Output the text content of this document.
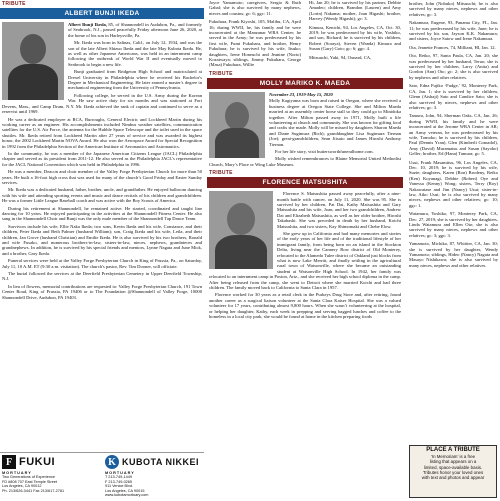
TRIBUTE
ALBERT BUNJI IKEDA

Albert Bunji Ikeda, 85, of Shannondell in Audubon, Pa., and formerly of Seabrook, N.J., passed peacefully Friday afternoon June 26, 2020, at the home of his son in Harleysville, Pa.

Mr. Ikeda was born in Salinas, Calif., on July 12, 1934, and was the son of the late Albert Shizuo Ikeda and the late May Kubota Ikeda. He, as well as other Japanese Americans, was held in an internment camp following the outbreak of World War II and eventually moved to Seabrook to begin a new life.

Bunji graduated from Bridgeton High School and matriculated at Drexel University in Philadelphia where he received his Bachelor's Degree in Mechanical Engineering. He later earned a master's degree in mechanical engineering from the University of Pennsylvania.

Following college, he served in the U.S. Army during the Korean War. He saw active duty for six months and was stationed at Fort Devens, Mass., and Camp Drum, N.Y. Mr. Ikeda achieved the rank of captain and continued to serve as a reservist until 1969.

He was a dedicated employee at RCA, Burroughs, General Electric and Lockheed Martin during his working career as an engineer. His accomplishments included Nimbus weather satellites, communication satellites for the U.S. Air Force, the antenna for the Hubble Space Telescope and the toilet used in the space shuttles. Mr. Ikeda retired from Lockheed Martin after 27 years of service and was awarded its highest honor, the 2002 Lockheed Martin NOVA Award. He also won the Aerospace Award for Special Recognition in 1992 from the Philadelphia Section of the American Institute of Aeronautics and Astronautics.

In the community, he was a member of the Japanese American Citizens League (JACL) Philadelphia chapter and served as its president from 2011-12. He also served as the Philadelphia JACL’s representative for the JACL National Convention which was held in Philadelphia in 1996.

He was a member, Deacon and choir member of the Valley Forge Presbyterian Church for more than 50 years. He built a 16-foot high cross that was used for many of the church’s Good Friday and Easter Sunday services.

Mr. Ikeda was a dedicated husband, father, brother, uncle, and grandfather. He enjoyed ballroom dancing with his wife and attending sporting events and music and dance recitals of his children and grandchildren. He was a former Little League Baseball coach and was active with the Boy Scouts of America.

During his retirement at Shannondell, he remained active. He started, coordinated and taught line dancing for 10 years. He enjoyed participating in the activities at the Shannondell Fitness Center. He also sang in the Shannondell Choir and Bunji was the only male member of the Shannondell Tap Dance Team.

Survivors include his wife, Ellie Naka Ikeda; two sons, Kevin Ikeda and his wife, Constance, and their children, Peter Ikeda and Beth Palmer (husband William); son, Craig Ikeda and his wife, Leila, and their children, Jan Grove (husband Christian) and Emilie Ikeda. He is also survived by his two brothers, Ronald and wife Fusako, and numerous brothers-in-law, sisters-in-law, nieces, nephews, grandnieces and grandnephews. In addition, he is survived by his special friends and mentors, Lynne Nagata and June Mick, and a brother, Gary Ikeda.

Funeral services were held at the Valley Forge Presbyterian Church in King of Prussia, Pa., on Saturday, July 11, 10 A.M. ET (9:30 a.m. visitation). The church's pastor, Rev. Tim Dooner, will officiate.

The burial followed the services at the Deerfield Presbyterian Cemetery in Upper Deerfield Township, N.J.

In lieu of flowers, memorial contributions are requested to: Valley Forge Presbyterian Church, 191 Town Center Road, King of Prussia, PA 19406 or to The Foundation @Shannondell of Valley Forge, 10000 Shannondell Drive, Audubon, PA 19403.

F FUKUI
MORTUARY
Two Generations of Experience
FD #808 707 East Temple Street
Los Angeles, CA 90012
Ph. 213/626-0441 Fax 213/617-2781
K KUBOTA NIKKEI
MORTUARY
T 213-749-1449
F 213-749-0265
911 Venice Blvd.
Los Angeles, CA 90015
www.kubotamortuary.com
Joyce Yamamoto; caregivers, Sergio & Ruth Gabal; she is also survived by many nephews, nieces and cousins; gc: 6; ggc: 11.
Fukuhara, Frank Kiyoshi, 105, Malibu, CA, April 16; during WWII, he, his family and he were incarcerated at the Manzanar WRA Center; he served in the Army; he was predeceased by his first wife, Fumi Fukuhara, and brother, Henry Fukuhara; he is survived by his wife, Itsuko; daughters, Irene Honeuchi and Jeanine (Norio) Kozaiwaya; siblings, Jimmy Fukuhara, George (Masa) Fukuhara, Willie
Hi, Jan 20; he is survived by his partner, Debbie Amadeo; children, Brandon (Lauren) and Amy (Lorin) Nakama; mother, Joan Higashi; brother, Harvey (Wendy Higashi); gc: 3.
Kimura, Kenichi, 94, Los Angeles, CA, Oct. 30, 2019; he was predeceased by his wife, Yoshiko, and son, Richard; he is survived by his children, Robert (Soraya), Steven (Wanda) Kimura and Susan (Gary) Goto; gc: 6; ggc: 4.
Mitsuuchi, Yuki, 94, Oxnard, CA,
TRIBUTE
MOLLY MARIKO K. MAEDA
November 23, 1919-May 15, 2020

Molly Kagiyama was born and raised in Oregon, where she received a business degree at Oregon State College. She and Milton Maeda married at an assembly center horse stall so they could go to Minidoka together. After Milton passed away in 1971, Molly built a life volunteering at church and community. She was known for gifting food and crafts she made. Molly will be missed by daughters Sharon Maeda and Diane Sugimura (Rich); granddaughter Lisa Sugimura Tiernan (Joe); great-grandchildren, Sean Jitsuto and James Hiroshi Anthony Tiernan.

For her life story, visit buttersworthfuneralhome.com.

Molly wished remembrances to Blaine Memorial United Methodist Church, Mary’s Place or Wing Luke Museum.

TRIBUTE
FLORENCE MATSUSHITA

Florence S. Matsushita passed away peacefully, after a nine-month battle with cancer, on July 11, 2020. She was 95. She is survived by her children, Pat Dai, Kathy Matsushita and Gary Matsushita and his wife, Joan, and her two grandchildren, Andrew Dai and Elizabeth Matsushita, as well as her older brother, Hiroshi Takahashi. She was preceded in death by her husband, Koichi Matsushita, and two sisters, Kay Shimomaki and Chebe Elow.

She grew up in California and had many memories and stories of the early years of her life and of the traditional lifestyle of her immigrant family, from being born on an island in the Stockton Delta, living near the Cannery Row district of Old Monterey, relocated to the Alameda Tulee district of Oakland just blocks from what is now Lake Merritt, and finally settling in the agricultural rural town of Watsonville, where she became an outstanding student at Watsonville High School. In 1942, her family was relocated to an internment camp in Poston, Ariz., and she received her high school diploma in the camp. After being released from the camp, she went to Detroit where she married Koichi and had three children. The family moved back to California to Santa Clara in 1957.

Florence worked for 30 years as a retail clerk in the Purkeys Drug Store and, after retiring, found another career as a surgical liaison volunteer at the Santa Clara Kaiser Hospital. She was a valued volunteer for 17 years, contributing almost 9,800 hours. When she wasn’t volunteering at the hospital, or helping her daughter, Kathy, each week in prepping and serving bagged lunches and coffee to the homeless in a local city park, she would be found at home in the kitchen preparing foods

brother, John (Nobuko) Mitsuuchi; he is also survived by many nieces, nephews and other relatives; gc: 3.

Nakamura, Eugene, 93, Panama City, FL, Jan. 11; he was predeceased by his wife, June; he is survived by his son, Jayson K.K. Nakamura; and sisters, Joyce Satow and Irene Nakamura.

Ota, Jeanette Frances, 74, Milliani, HI, Jan. 12.

Oto, Reiko, 97, Santa Paula, CA, Jan. 20; she was predeceased by her husband, Teruo; she is survived by her children, Larry (Anita) and Gordon (Ann) Oto; gc: 2; she is also survived by nephews and other relatives.

Sato, Edna Fujiko ‘Fudge,’ 92, Monterey Park, CA, Jan. 1; she is survived by her children, Glenn (Aishaji) Sato and Candice Sato; she is also survived by nieces, nephews and other relatives; gc: 3.

Tamura, John, 94, Sherman Oaks, CA, Jan. 26; during WWII, his family and he were incarcerated at the Jerome WRA Center in AR; an Army veteran, he was predeceased by his wife, Tomoko; he is survived by his children, Paul (Dennis Yran), Glen (Kimberli Comadol), Amy (David) Muramatsu and Susan (Sayoko) Geller; brother, Ed (Hana) Tamura; gc: 5.

Usui, Frank Masamitsu, 96, Los Angeles, CA, Dec. 10, 2019; he is survived by his wife, Suzie; daughters, Karen (Ron) Brodeny, Reiko (Ken) Koyanagi, Debbie (Robert) Oye and Vanessa (Kenny) Wong; sisters, Terry (Roy) Nakawatase and Jim (Nancy) Usui; sister-in-law, Aiko Usui; he is also survived by many nieces, nephews and other relatives; gc: 10; ggc: 1.

Watamura, Yoshiko, 97, Monterey Park, CA, Dec. 27, 2019; she is survived by her daughters, Linda Watamura and Ellen Oto; she is also survived by many nieces, nephews and other relatives; gc: 3; ggc: 3.

Yamamoto, Michiko, 87, Whittier, CA, Jan. 30; she is survived by her daughter, Wendy Yamamoto; siblings, Hideo (Nancy) Nagata and Masayo Nishikawa; she is also survived by many nieces, nephews and other relatives.

PLACE A TRIBUTE
‘In Memoriam’ is a free
listing that appears on a
limited, space-available basis.
Tributes honor your loved ones
with text and photos and appear
